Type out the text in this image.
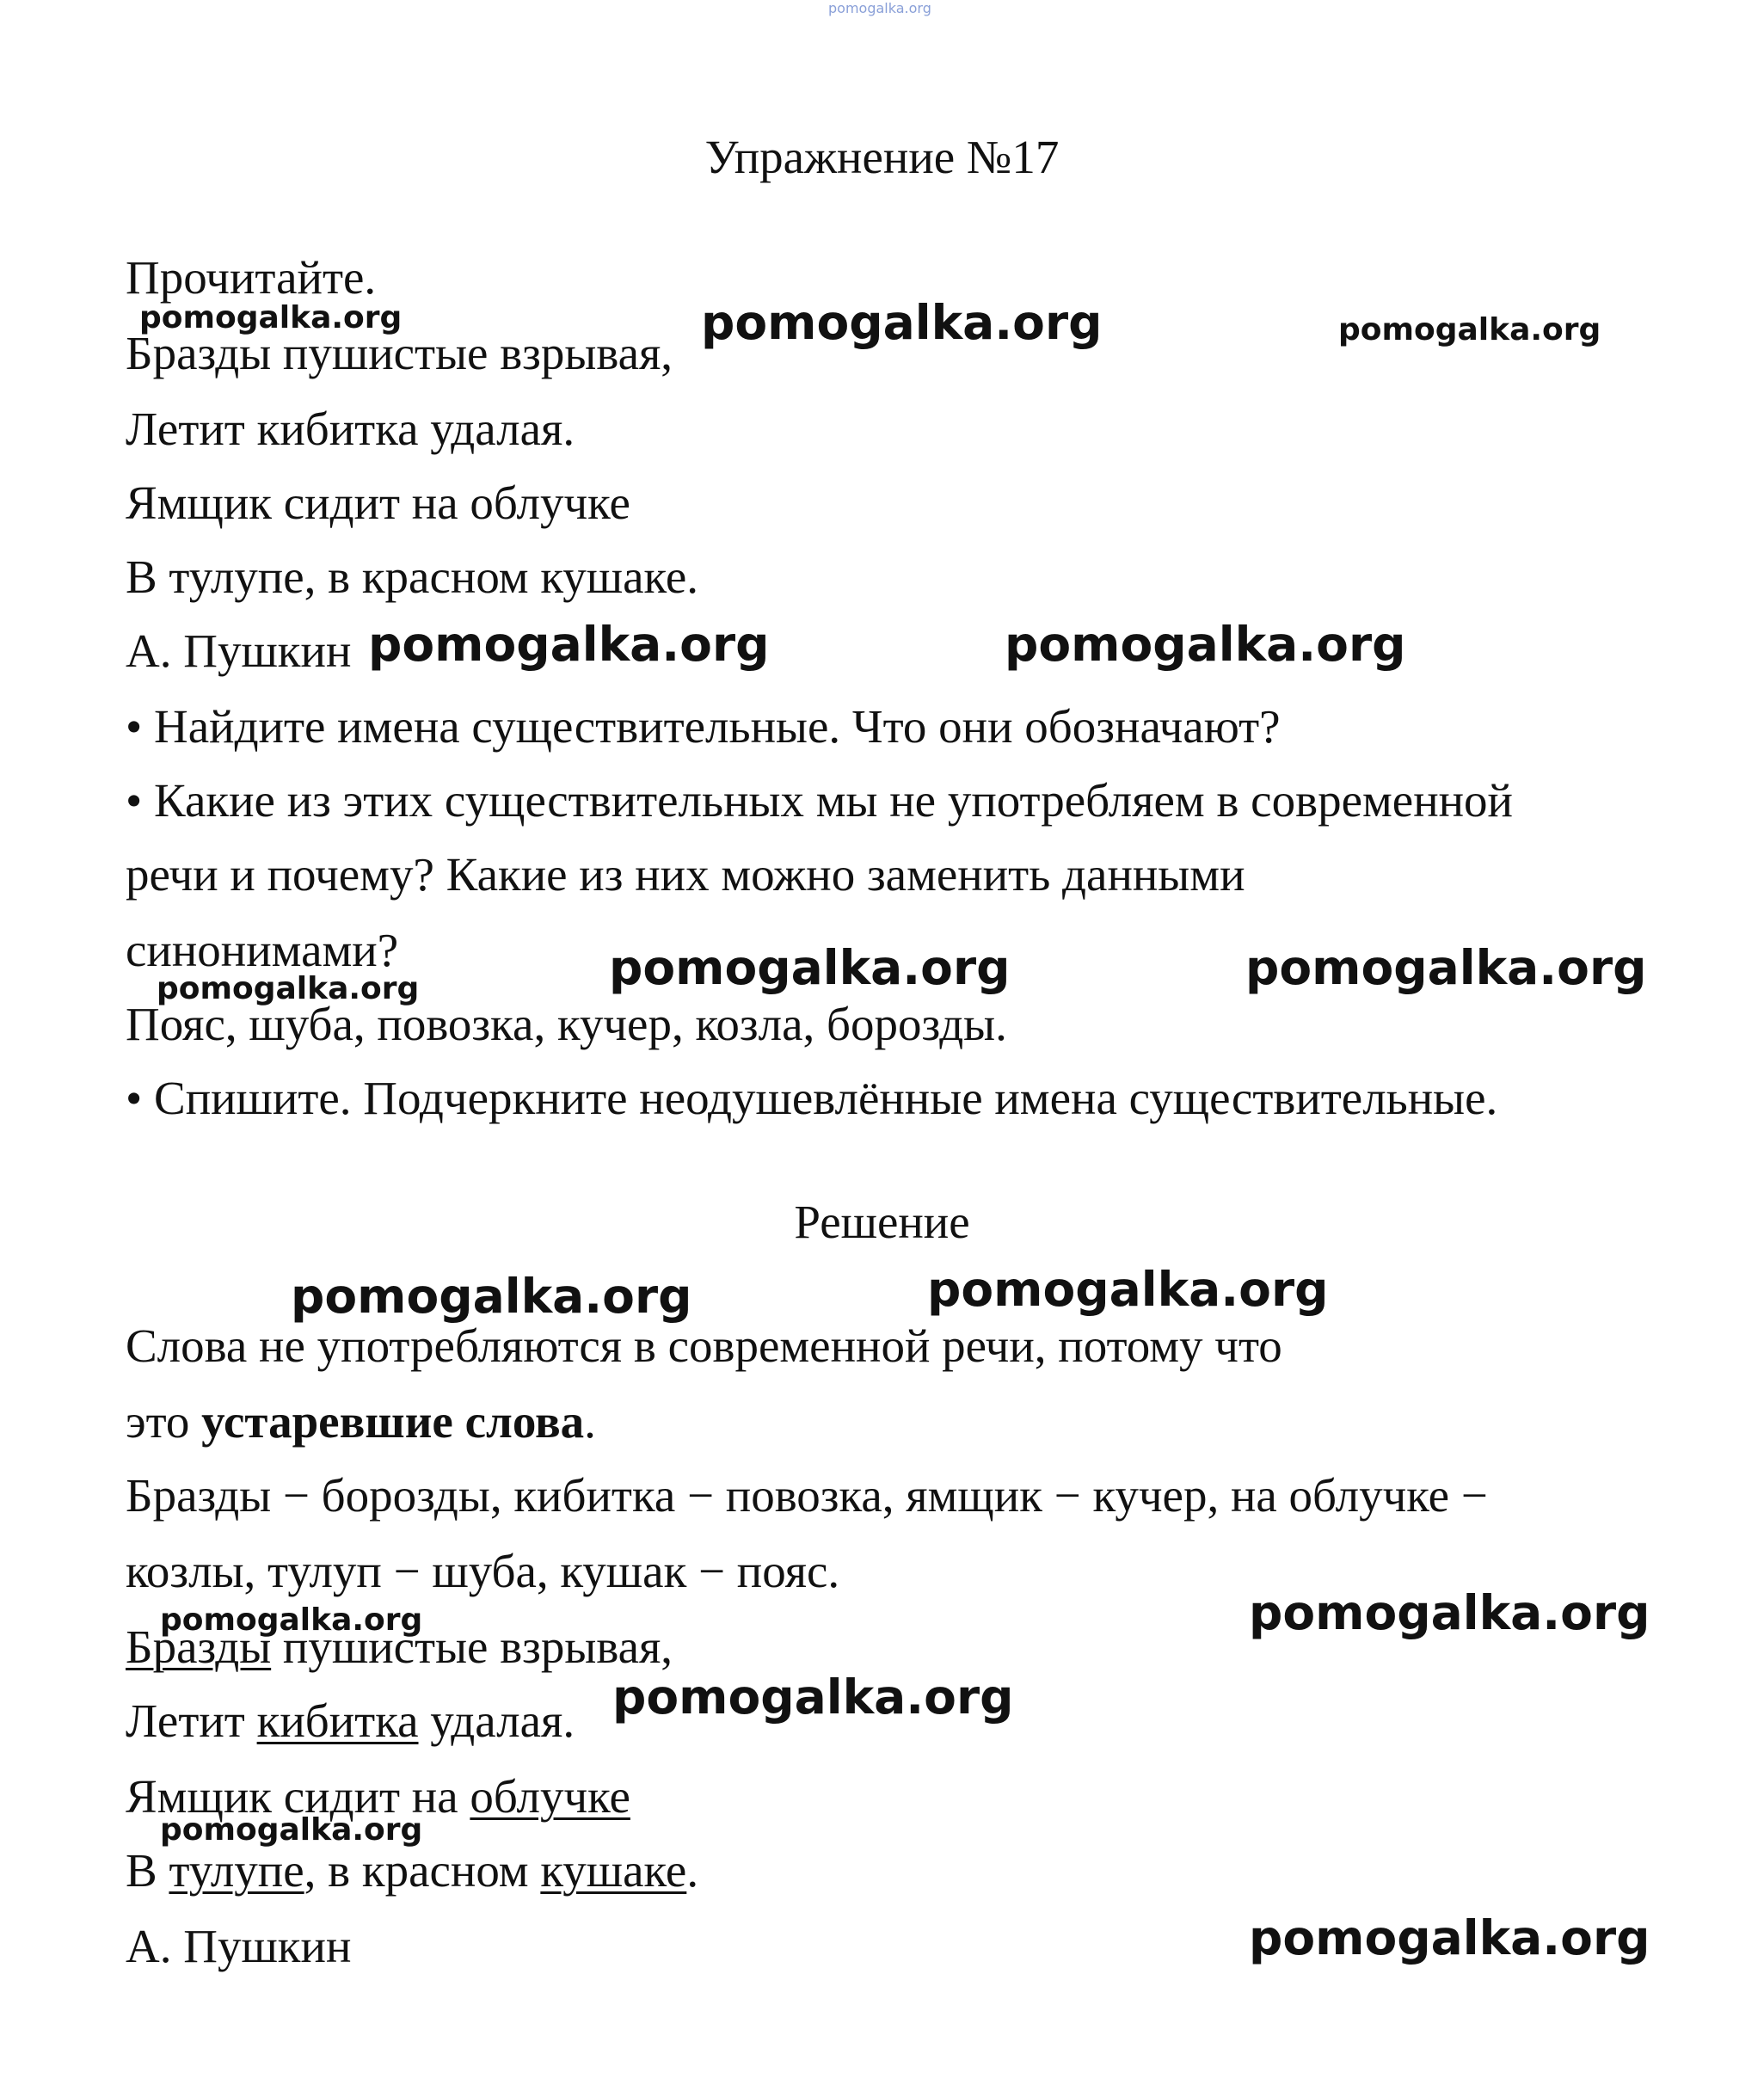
pomogalka.org
Упражнение №17
Прочитайте.
Бразды пушистые взрывая,
Летит кибитка удалая.
Ямщик сидит на облучке
В тулупе, в красном кушаке.
А. Пушкин
• Найдите имена существительные. Что они обозначают?
• Какие из этих существительных мы не употребляем в современной
речи и почему? Какие из них можно заменить данными
синонимами?
Пояс, шуба, повозка, кучер, козла, борозды.
• Спишите. Подчеркните неодушевлённые имена существительные.
Решение
Слова не употребляются в современной речи, потому что
это устаревшие слова.
Бразды − борозды, кибитка − повозка, ямщик − кучер, на облучке −
козлы, тулуп − шуба, кушак − пояс.
Бразды пушистые взрывая,
Летит кибитка удалая.
Ямщик сидит на облучке
В тулупе, в красном кушаке.
А. Пушкин
pomogalka.org	pomogalka.org	pomogalka.org
pomogalka.org	pomogalka.org
pomogalka.org	pomogalka.org	pomogalka.org
pomogalka.org	pomogalka.org
pomogalka.org
pomogalka.org
pomogalka.org
pomogalka.org
pomogalka.org
